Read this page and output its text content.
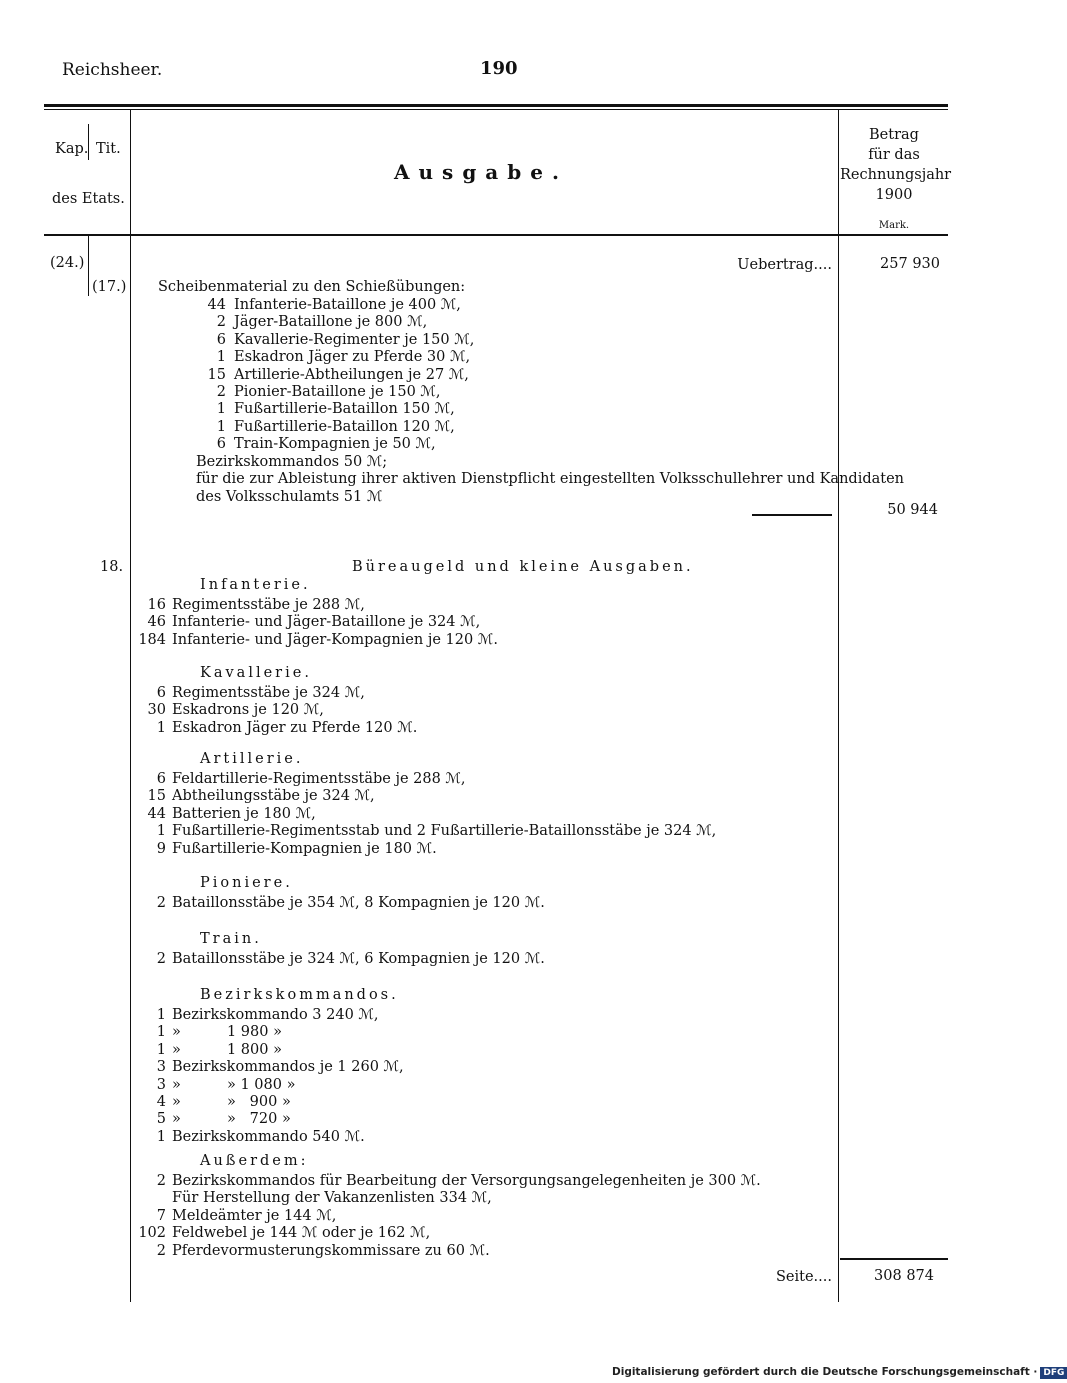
Reichsheer.	190
Kap. Tit.
des Etats.
Ausgabe.
Betrag
für das
Rechnungsjahr
1900
Mark.
(24.)
(17.)
Uebertrag....	257 930
Scheibenmaterial zu den Schießübungen:
44 Infanterie-Bataillone je 400 ℳ,
2 Jäger-Bataillone je 800 ℳ,
6 Kavallerie-Regimenter je 150 ℳ,
1 Eskadron Jäger zu Pferde 30 ℳ,
15 Artillerie-Abtheilungen je 27 ℳ,
2 Pionier-Bataillone je 150 ℳ,
1 Fußartillerie-Bataillon 150 ℳ,
1 Fußartillerie-Bataillon 120 ℳ,
6 Train-Kompagnien je 50 ℳ,
Bezirkskommandos 50 ℳ;
für die zur Ableistung ihrer aktiven Dienstpflicht eingestellten Volksschullehrer und Kandidaten
des Volksschulamts 51 ℳ
50 944
18.	Büreaugeld und kleine Ausgaben.
Infanterie.
16 Regimentsstäbe je 288 ℳ,
46 Infanterie- und Jäger-Bataillone je 324 ℳ,
184 Infanterie- und Jäger-Kompagnien je 120 ℳ.
Kavallerie.
6 Regimentsstäbe je 324 ℳ,
30 Eskadrons je 120 ℳ,
1 Eskadron Jäger zu Pferde 120 ℳ.
Artillerie.
6 Feldartillerie-Regimentsstäbe je 288 ℳ,
15 Abtheilungsstäbe je 324 ℳ,
44 Batterien je 180 ℳ,
1 Fußartillerie-Regimentsstab und 2 Fußartillerie-Bataillonsstäbe je 324 ℳ,
9 Fußartillerie-Kompagnien je 180 ℳ.
Pioniere.
2 Bataillonsstäbe je 354 ℳ, 8 Kompagnien je 120 ℳ.
Train.
2 Bataillonsstäbe je 324 ℳ, 6 Kompagnien je 120 ℳ.
Bezirkskommandos.
1 Bezirkskommando 3 240 ℳ,
1 »          1 980 »
1 »          1 800 »
3 Bezirkskommandos je 1 260 ℳ,
3 »          » 1 080 »
4 »          »   900 »
5 »          »   720 »
1 Bezirkskommando 540 ℳ.
Außerdem:
2 Bezirkskommandos für Bearbeitung der Versorgungsangelegenheiten je 300 ℳ.
Für Herstellung der Vakanzenlisten 334 ℳ,
7 Meldeämter je 144 ℳ,
102 Feldwebel je 144 ℳ oder je 162 ℳ,
2 Pferdevormusterungskommissare zu 60 ℳ.
Seite....	308 874
Digitalisierung gefördert durch die Deutsche Forschungsgemeinschaft · DFG
